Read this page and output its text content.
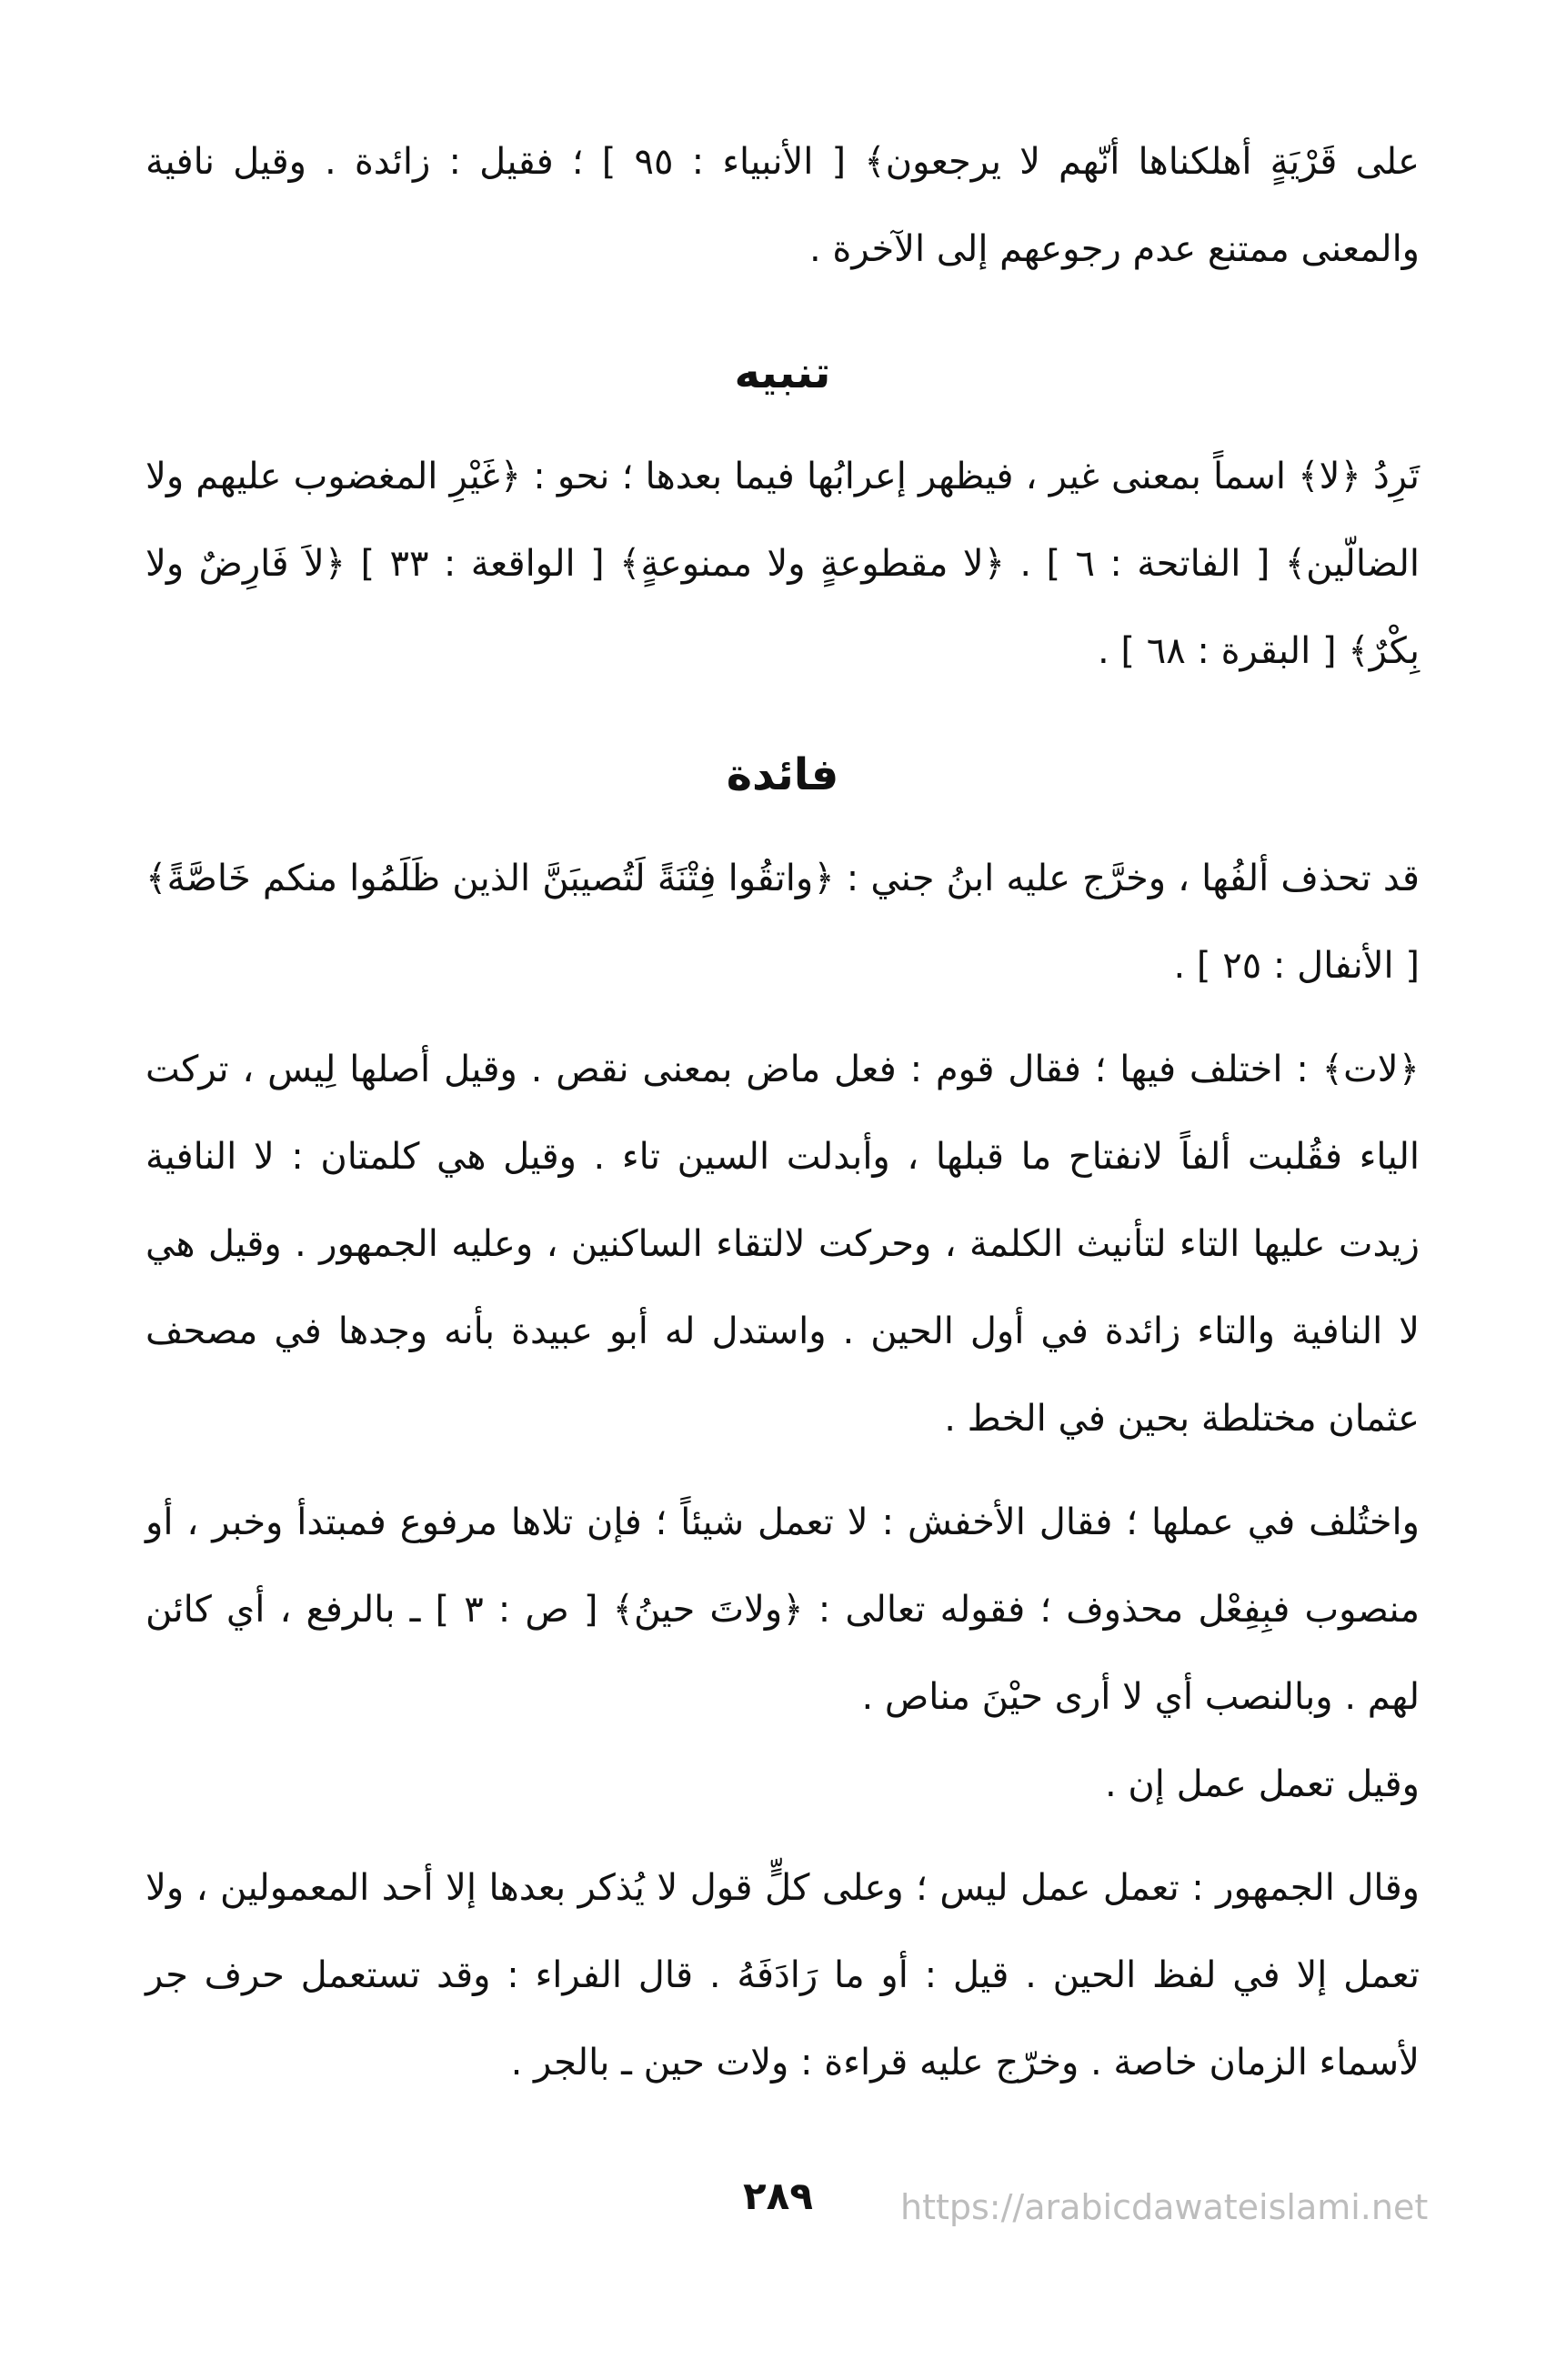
على قَرْيَةٍ أهلكناها أنّهم لا يرجعون﴾ [ الأنبياء : ٩٥ ] ؛ فقيل : زائدة . وقيل نافية والمعنى ممتنع عدم رجوعهم إلى الآخرة .

تنبيه

تَرِدُ ﴿لا﴾ اسماً بمعنى غير ، فيظهر إعرابُها فيما بعدها ؛ نحو : ﴿غَيْرِ المغضوب عليهم ولا الضالّين﴾ [ الفاتحة : ٦ ] . ﴿لا مقطوعةٍ ولا ممنوعةٍ﴾ [ الواقعة : ٣٣ ] ﴿لاَ فَارِضٌ ولا بِكْرٌ﴾ [ البقرة : ٦٨ ] .

فائدة

قد تحذف ألفُها ، وخرَّج عليه ابنُ جني : ﴿واتقُوا فِتْنَةً لَتُصيبَنَّ الذين ظَلَمُوا منكم خَاصَّةً﴾ [ الأنفال : ٢٥ ] .

﴿لات﴾ : اختلف فيها ؛ فقال قوم : فعل ماض بمعنى نقص . وقيل أصلها لِيس ، تركت الياء فقُلبت ألفاً لانفتاح ما قبلها ، وأبدلت السين تاء . وقيل هي كلمتان : لا النافية زيدت عليها التاء لتأنيث الكلمة ، وحركت لالتقاء الساكنين ، وعليه الجمهور . وقيل هي لا النافية والتاء زائدة في أول الحين . واستدل له أبو عبيدة بأنه وجدها في مصحف عثمان مختلطة بحين في الخط .

واختُلف في عملها ؛ فقال الأخفش : لا تعمل شيئاً ؛ فإن تلاها مرفوع فمبتدأ وخبر ، أو منصوب فبِفِعْل محذوف ؛ فقوله تعالى : ﴿ولاتَ حينُ﴾ [ ص : ٣ ] ـ بالرفع ، أي كائن لهم . وبالنصب أي لا أرى حيْنَ مناص .

وقيل تعمل عمل إن .

وقال الجمهور : تعمل عمل ليس ؛ وعلى كلٍّ قول لا يُذكر بعدها إلا أحد المعمولين ، ولا تعمل إلا في لفظ الحين . قيل : أو ما رَادَفَهُ . قال الفراء : وقد تستعمل حرف جر لأسماء الزمان خاصة . وخرّج عليه قراءة : ولات حين ـ بالجر .

٢٨٩	https://arabicdawateislami.net
